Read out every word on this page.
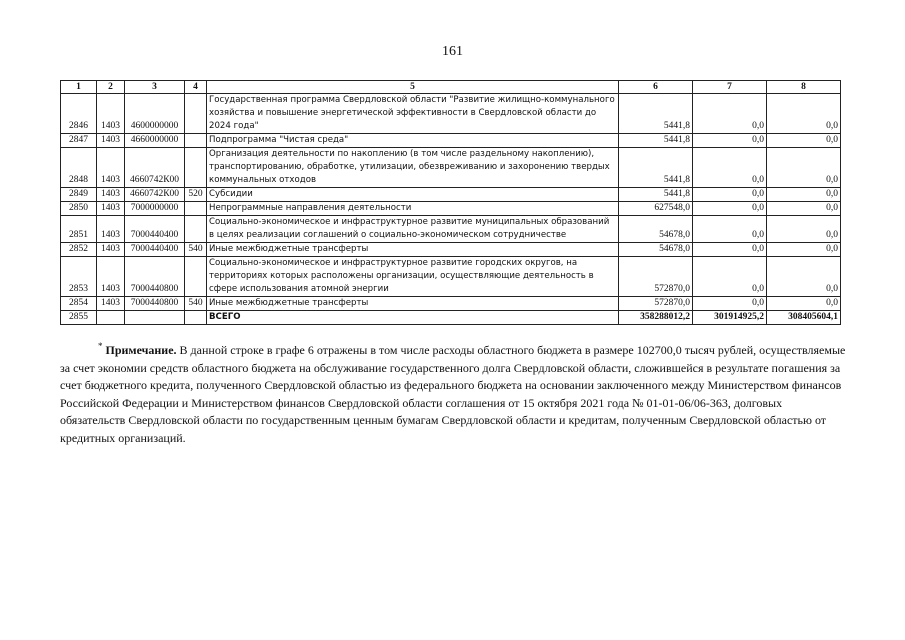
161
1	2	3	4	5	6	7	8
2846	1403	4600000000		Государственная программа Свердловской области "Развитие жилищно-коммунального хозяйства и повышение энергетической эффективности в Свердловской области до 2024 года"	5441,8	0,0	0,0
2847	1403	4660000000		Подпрограмма "Чистая среда"	5441,8	0,0	0,0
2848	1403	4660742К00		Организация деятельности по накоплению (в том числе раздельному накоплению), транспортированию, обработке, утилизации, обезвреживанию и захоронению твердых коммунальных отходов	5441,8	0,0	0,0
2849	1403	4660742К00	520	Субсидии	5441,8	0,0	0,0
2850	1403	7000000000		Непрограммные направления деятельности	627548,0	0,0	0,0
2851	1403	7000440400		Социально-экономическое и инфраструктурное развитие муниципальных образований в целях реализации соглашений о социально-экономическом сотрудничестве	54678,0	0,0	0,0
2852	1403	7000440400	540	Иные межбюджетные трансферты	54678,0	0,0	0,0
2853	1403	7000440800		Социально-экономическое и инфраструктурное развитие городских округов, на территориях которых расположены организации, осуществляющие деятельность в сфере использования атомной энергии	572870,0	0,0	0,0
2854	1403	7000440800	540	Иные межбюджетные трансферты	572870,0	0,0	0,0
2855				ВСЕГО	358288012,2	301914925,2	308405604,1

* Примечание. В данной строке в графе 6 отражены в том числе расходы областного бюджета в размере 102700,0 тысяч рублей, осуществляемые за счет экономии средств областного бюджета на обслуживание государственного долга Свердловской области, сложившейся в результате погашения за счет бюджетного кредита, полученного Свердловской областью из федерального бюджета на основании заключенного между Министерством финансов Российской Федерации и Министерством финансов Свердловской области соглашения от 15 октября 2021 года № 01-01-06/06-363, долговых обязательств Свердловской области по государственным ценным бумагам Свердловской области и кредитам, полученным Свердловской областью от кредитных организаций.
